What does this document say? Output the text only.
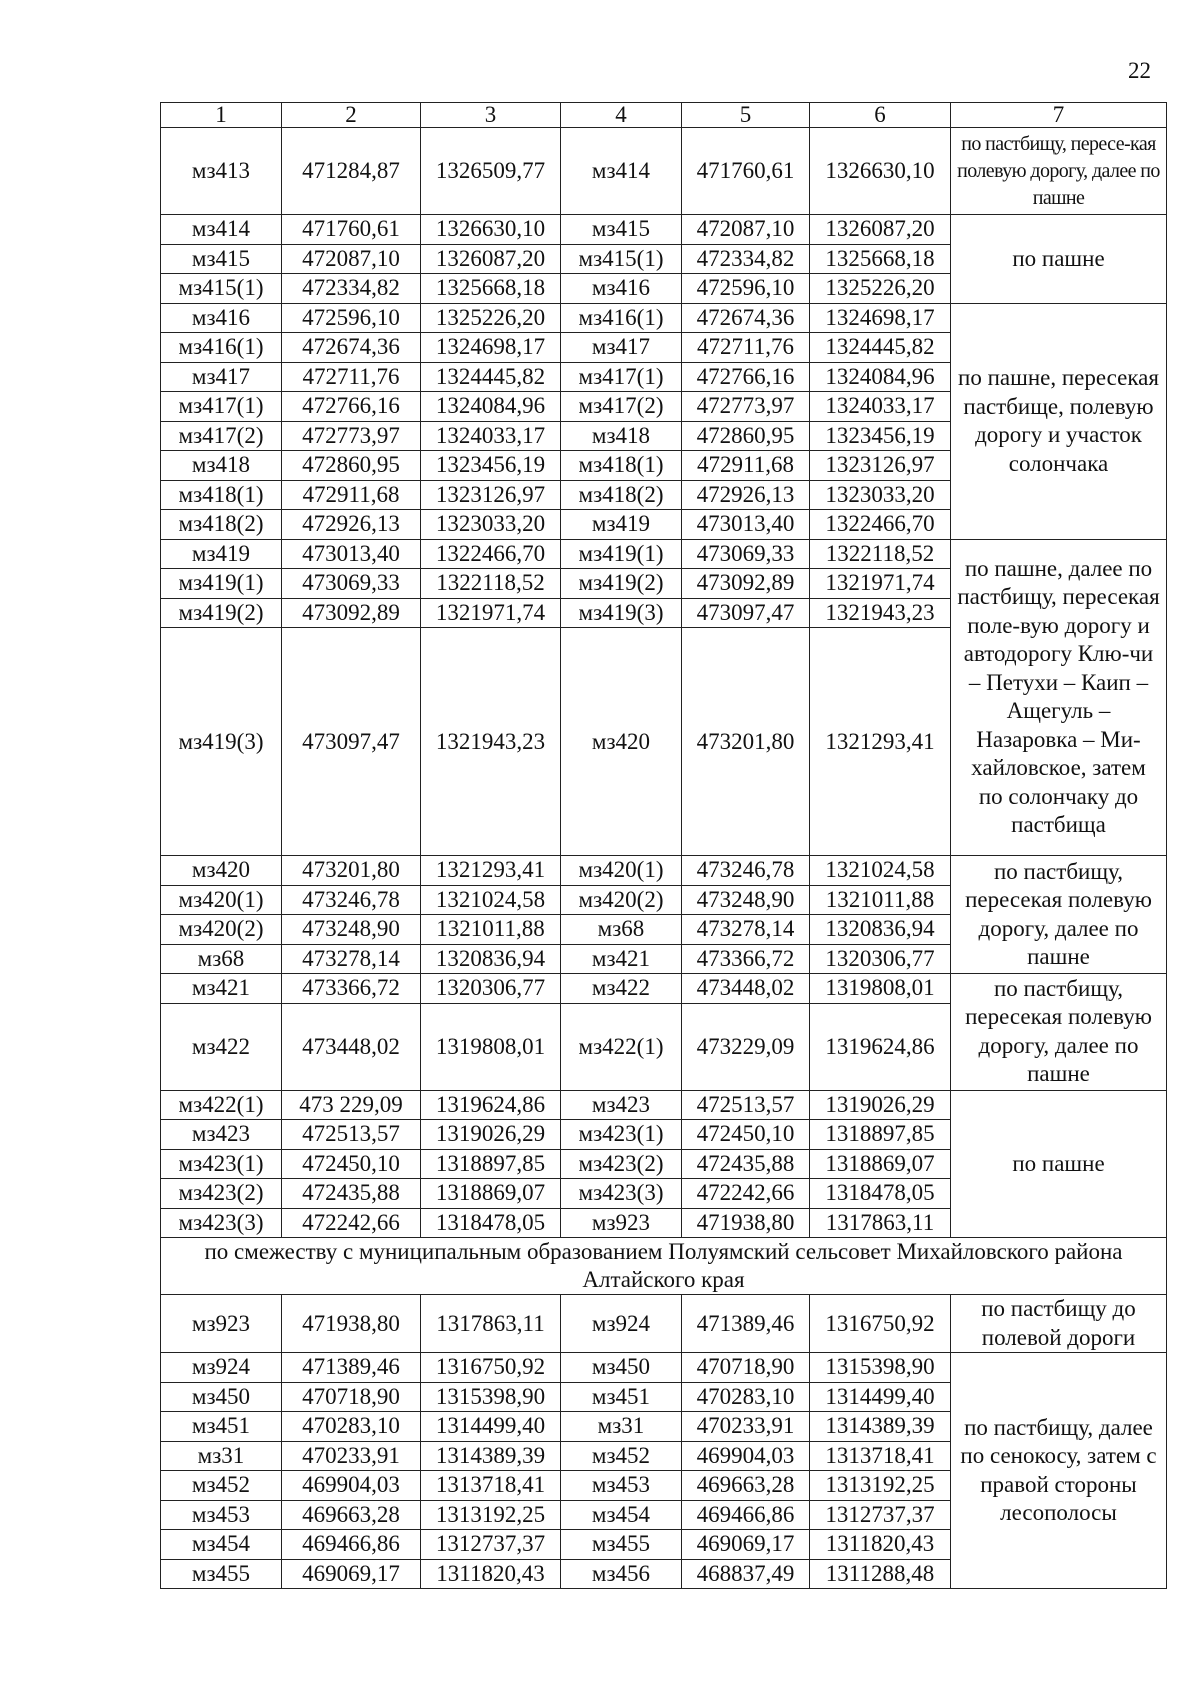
22
1	2	3	4	5	6	7
мз413	471284,87	1326509,77	мз414	471760,61	1326630,10	по пастбищу, пересе-кая полевую дорогу, далее по пашне
мз414	471760,61	1326630,10	мз415	472087,10	1326087,20	по пашне
мз415	472087,10	1326087,20	мз415(1)	472334,82	1325668,18	
мз415(1)	472334,82	1325668,18	мз416	472596,10	1325226,20	
мз416	472596,10	1325226,20	мз416(1)	472674,36	1324698,17	по пашне, пересекая пастбище, полевую дорогу и участок солончака
мз416(1)	472674,36	1324698,17	мз417	472711,76	1324445,82	
мз417	472711,76	1324445,82	мз417(1)	472766,16	1324084,96	
мз417(1)	472766,16	1324084,96	мз417(2)	472773,97	1324033,17	
мз417(2)	472773,97	1324033,17	мз418	472860,95	1323456,19	
мз418	472860,95	1323456,19	мз418(1)	472911,68	1323126,97	
мз418(1)	472911,68	1323126,97	мз418(2)	472926,13	1323033,20	
мз418(2)	472926,13	1323033,20	мз419	473013,40	1322466,70	
мз419	473013,40	1322466,70	мз419(1)	473069,33	1322118,52	по пашне, далее по пастбищу, пересекая поле-вую дорогу и автодорогу Клю-чи – Петухи – Каип – Ащегуль – Назаровка – Ми-хайловское, затем по солончаку до пастбища
мз419(1)	473069,33	1322118,52	мз419(2)	473092,89	1321971,74	
мз419(2)	473092,89	1321971,74	мз419(3)	473097,47	1321943,23	
мз419(3)	473097,47	1321943,23	мз420	473201,80	1321293,41	
мз420	473201,80	1321293,41	мз420(1)	473246,78	1321024,58	по пастбищу, пересекая полевую дорогу, далее по пашне
мз420(1)	473246,78	1321024,58	мз420(2)	473248,90	1321011,88	
мз420(2)	473248,90	1321011,88	мз68	473278,14	1320836,94	
мз68	473278,14	1320836,94	мз421	473366,72	1320306,77	
мз421	473366,72	1320306,77	мз422	473448,02	1319808,01	по пастбищу, пересекая полевую дорогу, далее по пашне
мз422	473448,02	1319808,01	мз422(1)	473229,09	1319624,86	
мз422(1)	473 229,09	1319624,86	мз423	472513,57	1319026,29	по пашне
мз423	472513,57	1319026,29	мз423(1)	472450,10	1318897,85	
мз423(1)	472450,10	1318897,85	мз423(2)	472435,88	1318869,07	
мз423(2)	472435,88	1318869,07	мз423(3)	472242,66	1318478,05	
мз423(3)	472242,66	1318478,05	мз923	471938,80	1317863,11	
по смежеству с муниципальным образованием Полуямский сельсовет Михайловского района Алтайского края						
мз923	471938,80	1317863,11	мз924	471389,46	1316750,92	по пастбищу до полевой дороги
мз924	471389,46	1316750,92	мз450	470718,90	1315398,90	по пастбищу, далее по сенокосу, затем с правой стороны лесополосы
мз450	470718,90	1315398,90	мз451	470283,10	1314499,40	
мз451	470283,10	1314499,40	мз31	470233,91	1314389,39	
мз31	470233,91	1314389,39	мз452	469904,03	1313718,41	
мз452	469904,03	1313718,41	мз453	469663,28	1313192,25	
мз453	469663,28	1313192,25	мз454	469466,86	1312737,37	
мз454	469466,86	1312737,37	мз455	469069,17	1311820,43	
мз455	469069,17	1311820,43	мз456	468837,49	1311288,48	
